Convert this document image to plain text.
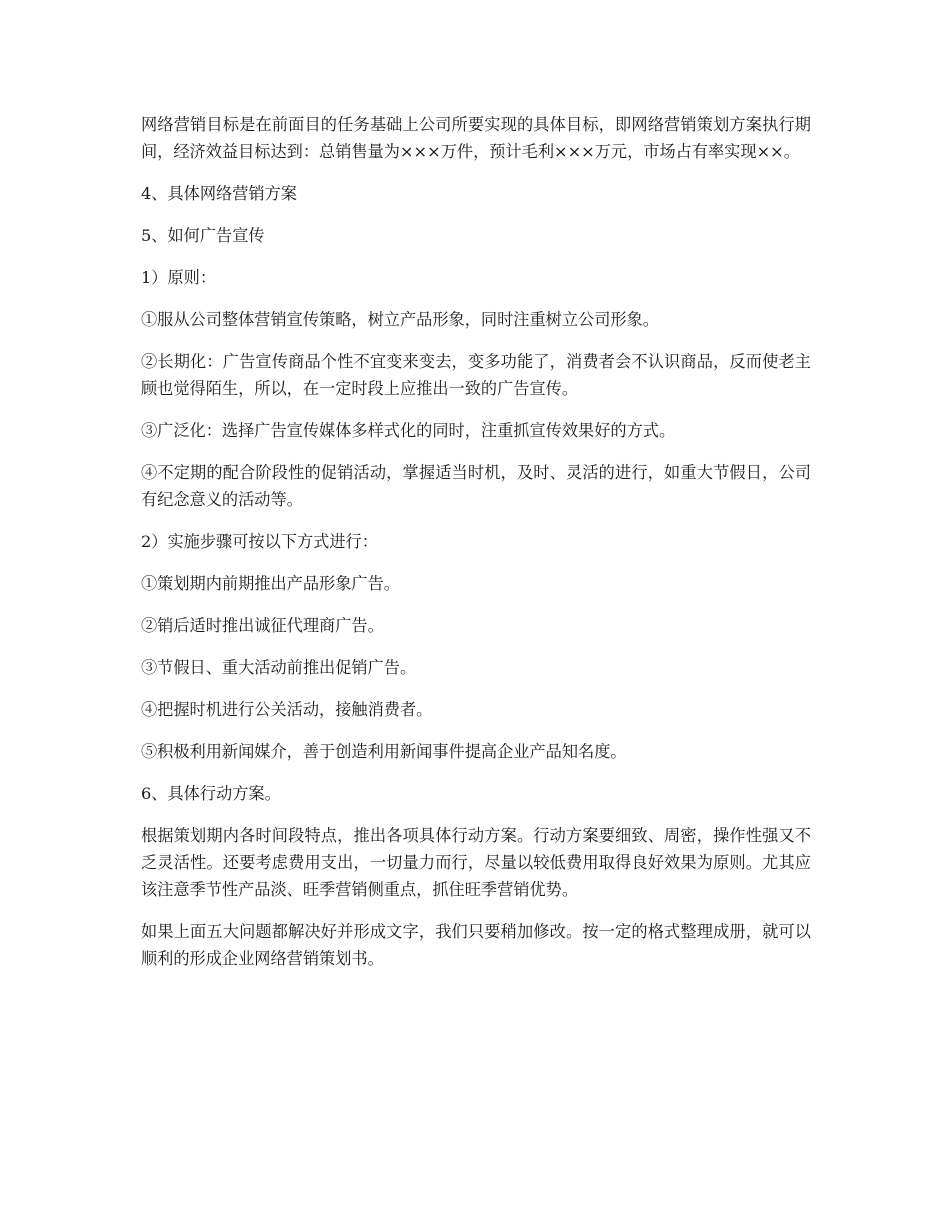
网络营销目标是在前面目的任务基础上公司所要实现的具体目标，即网络营销策划方案执行期间，经济效益目标达到：总销售量为×××万件，预计毛利×××万元，市场占有率实现××。

4、具体网络营销方案

5、如何广告宣传

1）原则：

①服从公司整体营销宣传策略，树立产品形象，同时注重树立公司形象。

②长期化：广告宣传商品个性不宜变来变去，变多功能了，消费者会不认识商品，反而使老主顾也觉得陌生，所以，在一定时段上应推出一致的广告宣传。

③广泛化：选择广告宣传媒体多样式化的同时，注重抓宣传效果好的方式。

④不定期的配合阶段性的促销活动，掌握适当时机，及时、灵活的进行，如重大节假日，公司有纪念意义的活动等。

2）实施步骤可按以下方式进行：

①策划期内前期推出产品形象广告。

②销后适时推出诚征代理商广告。

③节假日、重大活动前推出促销广告。

④把握时机进行公关活动，接触消费者。

⑤积极利用新闻媒介，善于创造利用新闻事件提高企业产品知名度。

6、具体行动方案。

根据策划期内各时间段特点，推出各项具体行动方案。行动方案要细致、周密，操作性强又不乏灵活性。还要考虑费用支出，一切量力而行，尽量以较低费用取得良好效果为原则。尤其应该注意季节性产品淡、旺季营销侧重点，抓住旺季营销优势。

如果上面五大问题都解决好并形成文字，我们只要稍加修改。按一定的格式整理成册，就可以顺利的形成企业网络营销策划书。
